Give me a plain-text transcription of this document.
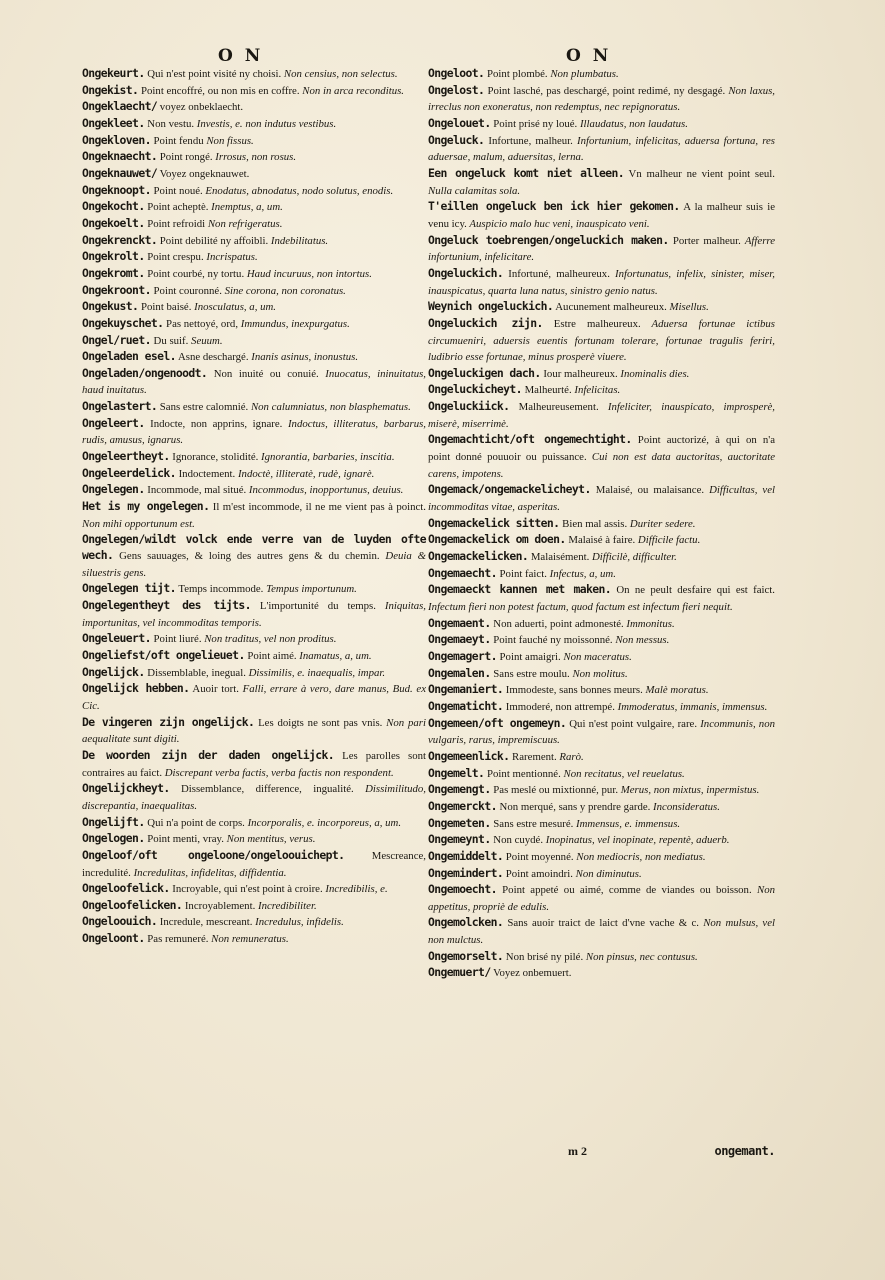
O N	O N

Ongekeurt. Qui n'est point visité ny choisi. Non censius, non selectus.

Ongekist. Point encoffré, ou non mis en coffre. Non in arca reconditus.

Ongeklaecht/ voyez onbeklaecht.

Ongekleet. Non vestu. Investis, e. non indutus vestibus.

Ongekloven. Point fendu Non fissus.

Ongeknaecht. Point rongé. Irrosus, non rosus.

Ongeknauwet/ Voyez ongeknauwet.

Ongeknoopt. Point noué. Enodatus, abnodatus, nodo solutus, enodis.

Ongekocht. Point acheptè. Inemptus, a, um.

Ongekoelt. Point refroidi Non refrigeratus.

Ongekrenckt. Point debilité ny affoibli. Indebilitatus.

Ongekrolt. Point crespu. Incrispatus.

Ongekromt. Point courbé, ny tortu. Haud incuruus, non intortus.

Ongekroont. Point couronné. Sine corona, non coronatus.

Ongekust. Point baisé. Inosculatus, a, um.

Ongekuyschet. Pas nettoyé, ord, Immundus, inexpurgatus.

Ongel/ruet. Du suif. Seuum.

Ongeladen esel. Asne deschargé. Inanis asinus, inonustus.

Ongeladen/ongenoodt. Non inuité ou conuié. Inuocatus, ininuitatus, haud inuitatus.

Ongelastert. Sans estre calomnié. Non calumniatus, non blasphematus.

Ongeleert. Indocte, non apprins, ignare. Indoctus, illiteratus, barbarus, rudis, amusus, ignarus.

Ongeleertheyt. Ignorance, stolidité. Ignorantia, barbaries, inscitia.

Ongeleerdelick. Indoctement. Indoctè, illiteratè, rudè, ignarè.

Ongelegen. Incommode, mal situé. Incommodus, inopportunus, deuius.

Het is my ongelegen. Il m'est incommode, il ne me vient pas à poinct. Non mihi opportunum est.

Ongelegen/wildt volck ende verre van de luyden ofte wech. Gens sauuages, & loing des autres gens & du chemin. Deuia & siluestris gens.

Ongelegen tijt. Temps incommode. Tempus importunum.

Ongelegentheyt des tijts. L'importunité du temps. Iniquitas, importunitas, vel incommoditas temporis.

Ongeleuert. Point liuré. Non traditus, vel non proditus.

Ongeliefst/oft ongelieuet. Point aimé. Inamatus, a, um.

Ongelijck. Dissemblable, inegual. Dissimilis, e. inaequalis, impar.

Ongelijck hebben. Auoir tort. Falli, errare à vero, dare manus, Bud. ex Cic.

De vingeren zijn ongelijck. Les doigts ne sont pas vnis. Non pari aequalitate sunt digiti.

De woorden zijn der daden ongelijck. Les parolles sont contraires au faict. Discrepant verba factis, verba factis non respondent.

Ongelijckheyt. Dissemblance, difference, ingualité. Dissimilitudo, discrepantia, inaequalitas.

Ongelijft. Qui n'a point de corps. Incorporalis, e. incorporeus, a, um.

Ongelogen. Point menti, vray. Non mentitus, verus.

Ongeloof/oft ongeloone/ongeloouichept. Mescreance, incredulité. Incredulitas, infidelitas, diffidentia.

Ongeloofelick. Incroyable, qui n'est point à croire. Incredibilis, e.

Ongeloofelicken. Incroyablement. Incredibiliter.

Ongeloouich. Incredule, mescreant. Incredulus, infidelis.

Ongeloont. Pas remuneré. Non remuneratus.

Ongeloot. Point plombé. Non plumbatus.

Ongelost. Point lasché, pas deschargé, point redimé, ny desgagé. Non laxus, irreclus non exoneratus, non redemptus, nec repignoratus.

Ongelouet. Point prisé ny loué. Illaudatus, non laudatus.

Ongeluck. Infortune, malheur. Infortunium, infelicitas, aduersa fortuna, res aduersae, malum, aduersitas, lerna.

Een ongeluck komt niet alleen. Vn malheur ne vient point seul. Nulla calamitas sola.

T'eillen ongeluck ben ick hier gekomen. A la malheur suis ie venu icy. Auspicio malo huc veni, inauspicato veni.

Ongeluck toebrengen/ongeluckich maken. Porter malheur. Afferre infortunium, infelicitare.

Ongeluckich. Infortuné, malheureux. Infortunatus, infelix, sinister, miser, inauspicatus, quarta luna natus, sinistro genio natus.

Weynich ongeluckich. Aucunement malheureux. Misellus.

Ongeluckich zijn. Estre malheureux. Aduersa fortunae ictibus circumueniri, aduersis euentis fortunam tolerare, fortunae tragulis feriri, ludibrio esse fortunae, minus prosperè viuere.

Ongeluckigen dach. Iour malheureux. Inominalis dies.

Ongeluckicheyt. Malheurté. Infelicitas.

Ongeluckiick. Malheureusement. Infeliciter, inauspicato, improsperè, miserè, miserrimè.

Ongemachticht/oft ongemechtight. Point auctorizé, à qui on n'a point donné pouuoir ou puissance. Cui non est data auctoritas, auctoritate carens, impotens.

Ongemack/ongemackelicheyt. Malaisé, ou malaisance. Difficultas, vel incommoditas vitae, asperitas.

Ongemackelick sitten. Bien mal assis. Duriter sedere.

Ongemackelick om doen. Malaisé à faire. Difficile factu.

Ongemackelicken. Malaisément. Difficilè, difficulter.

Ongemaecht. Point faict. Infectus, a, um.

Ongemaeckt kannen met maken. On ne peult desfaire qui est faict. Infectum fieri non potest factum, quod factum est infectum fieri nequit.

Ongemaent. Non aduerti, point admonesté. Immonitus.

Ongemaeyt. Point fauché ny moissonné. Non messus.

Ongemagert. Point amaigri. Non maceratus.

Ongemalen. Sans estre moulu. Non molitus.

Ongemaniert. Immodeste, sans bonnes meurs. Malè moratus.

Ongematicht. Immoderé, non attrempé. Immoderatus, immanis, immensus.

Ongemeen/oft ongemeyn. Qui n'est point vulgaire, rare. Incommunis, non vulgaris, rarus, impremiscuus.

Ongemeenlick. Rarement. Rarò.

Ongemelt. Point mentionné. Non recitatus, vel reuelatus.

Ongemengt. Pas meslé ou mixtionné, pur. Merus, non mixtus, inpermistus.

Ongemerckt. Non merqué, sans y prendre garde. Inconsideratus.

Ongemeten. Sans estre mesuré. Immensus, e. immensus.

Ongemeynt. Non cuydé. Inopinatus, vel inopinate, repentè, aduerb.

Ongemiddelt. Point moyenné. Non mediocris, non mediatus.

Ongemindert. Point amoindri. Non diminutus.

Ongemoecht. Point appeté ou aimé, comme de viandes ou boisson. Non appetitus, propriè de edulis.

Ongemolcken. Sans auoir traict de laict d'vne vache & c. Non mulsus, vel non mulctus.

Ongemorselt. Non brisé ny pilé. Non pinsus, nec contusus.

Ongemuert/ Voyez onbemuert.

m 2	ongemant.
